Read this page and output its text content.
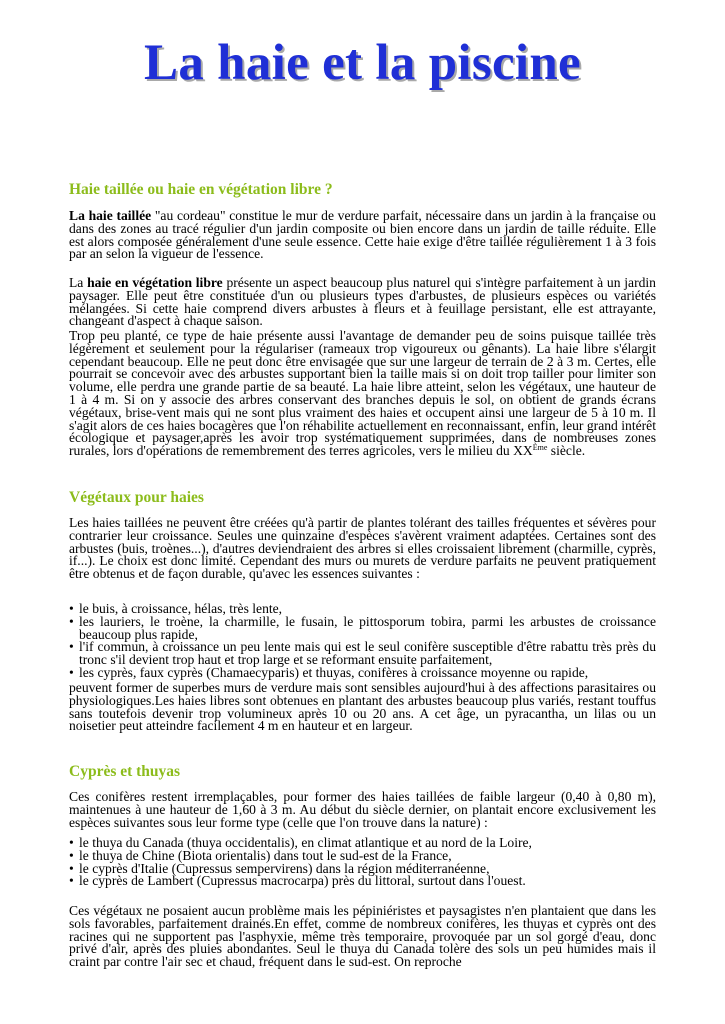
La haie et la piscine
Haie taillée ou haie en végétation libre ?

La haie taillée "au cordeau" constitue le mur de verdure parfait, nécessaire dans un jardin à la française ou dans des zones au tracé régulier d'un jardin composite ou bien encore dans un jardin de taille réduite. Elle est alors composée généralement d'une seule essence. Cette haie exige d'être taillée régulièrement 1 à 3 fois par an selon la vigueur de l'essence.

La haie en végétation libre présente un aspect beaucoup plus naturel qui s'intègre parfaitement à un jardin paysager. Elle peut être constituée d'un ou plusieurs types d'arbustes, de plusieurs espèces ou variétés mélangées. Si cette haie comprend divers arbustes à fleurs et à feuillage persistant, elle est attrayante, changeant d'aspect à chaque saison.

Trop peu planté, ce type de haie présente aussi l'avantage de demander peu de soins puisque taillée très légèrement et seulement pour la régulariser (rameaux trop vigoureux ou gênants). La haie libre s'élargit cependant beaucoup. Elle ne peut donc être envisagée que sur une largeur de terrain de 2 à 3 m. Certes, elle pourrait se concevoir avec des arbustes supportant bien la taille mais si on doit trop tailler pour limiter son volume, elle perdra une grande partie de sa beauté. La haie libre atteint, selon les végétaux, une hauteur de 1 à 4 m. Si on y associe des arbres conservant des branches depuis le sol, on obtient de grands écrans végétaux, brise-vent mais qui ne sont plus vraiment des haies et occupent ainsi une largeur de 5 à 10 m. Il s'agit alors de ces haies bocagères que l'on réhabilite actuellement en reconnaissant, enfin, leur grand intérêt écologique et paysager,après les avoir trop systématiquement supprimées, dans de nombreuses zones rurales, lors d'opérations de remembrement des terres agricoles, vers le milieu du XXÈme siècle.

Végétaux pour haies

Les haies taillées ne peuvent être créées qu'à partir de plantes tolérant des tailles fréquentes et sévères pour contrarier leur croissance. Seules une quinzaine d'espèces s'avèrent vraiment adaptées. Certaines sont des arbustes (buis, troènes...), d'autres deviendraient des arbres si elles croissaient librement (charmille, cyprès, if...). Le choix est donc limité. Cependant des murs ou murets de verdure parfaits ne peuvent pratiquement être obtenus et de façon durable, qu'avec les essences suivantes :

• le buis, à croissance, hélas, très lente,
• les lauriers, le troène, la charmille, le fusain, le pittosporum tobira, parmi les arbustes de croissance beaucoup plus rapide,
• l'if commun, à croissance un peu lente mais qui est le seul conifère susceptible d'être rabattu très près du tronc s'il devient trop haut et trop large et se reformant ensuite parfaitement,
• les cyprès, faux cyprès (Chamaecyparis) et thuyas, conifères à croissance moyenne ou rapide,

peuvent former de superbes murs de verdure mais sont sensibles aujourd'hui à des affections parasitaires ou physiologiques.Les haies libres sont obtenues en plantant des arbustes beaucoup plus variés, restant touffus sans toutefois devenir trop volumineux après 10 ou 20 ans. A cet âge, un pyracantha, un lilas ou un noisetier peut atteindre facilement 4 m en hauteur et en largeur.

Cyprès et thuyas

Ces conifères restent irremplaçables, pour former des haies taillées de faible largeur (0,40 à 0,80 m), maintenues à une hauteur de 1,60 à 3 m. Au début du siècle dernier, on plantait encore exclusivement les espèces suivantes sous leur forme type (celle que l'on trouve dans la nature) :

• le thuya du Canada (thuya occidentalis), en climat atlantique et au nord de la Loire,
• le thuya de Chine (Biota orientalis) dans tout le sud-est de la France,
• le cyprès d'Italie (Cupressus sempervirens) dans la région méditerranéenne,
• le cyprès de Lambert (Cupressus macrocarpa) près du littoral, surtout dans l'ouest.

Ces végétaux ne posaient aucun problème mais les pépiniéristes et paysagistes n'en plantaient que dans les sols favorables, parfaitement drainés.En effet, comme de nombreux conifères, les thuyas et cyprès ont des racines qui ne supportent pas l'asphyxie, même très temporaire, provoquée par un sol gorgé d'eau, donc privé d'air, après des pluies abondantes. Seul le thuya du Canada tolère des sols un peu humides mais il craint par contre l'air sec et chaud, fréquent dans le sud-est. On reproche
